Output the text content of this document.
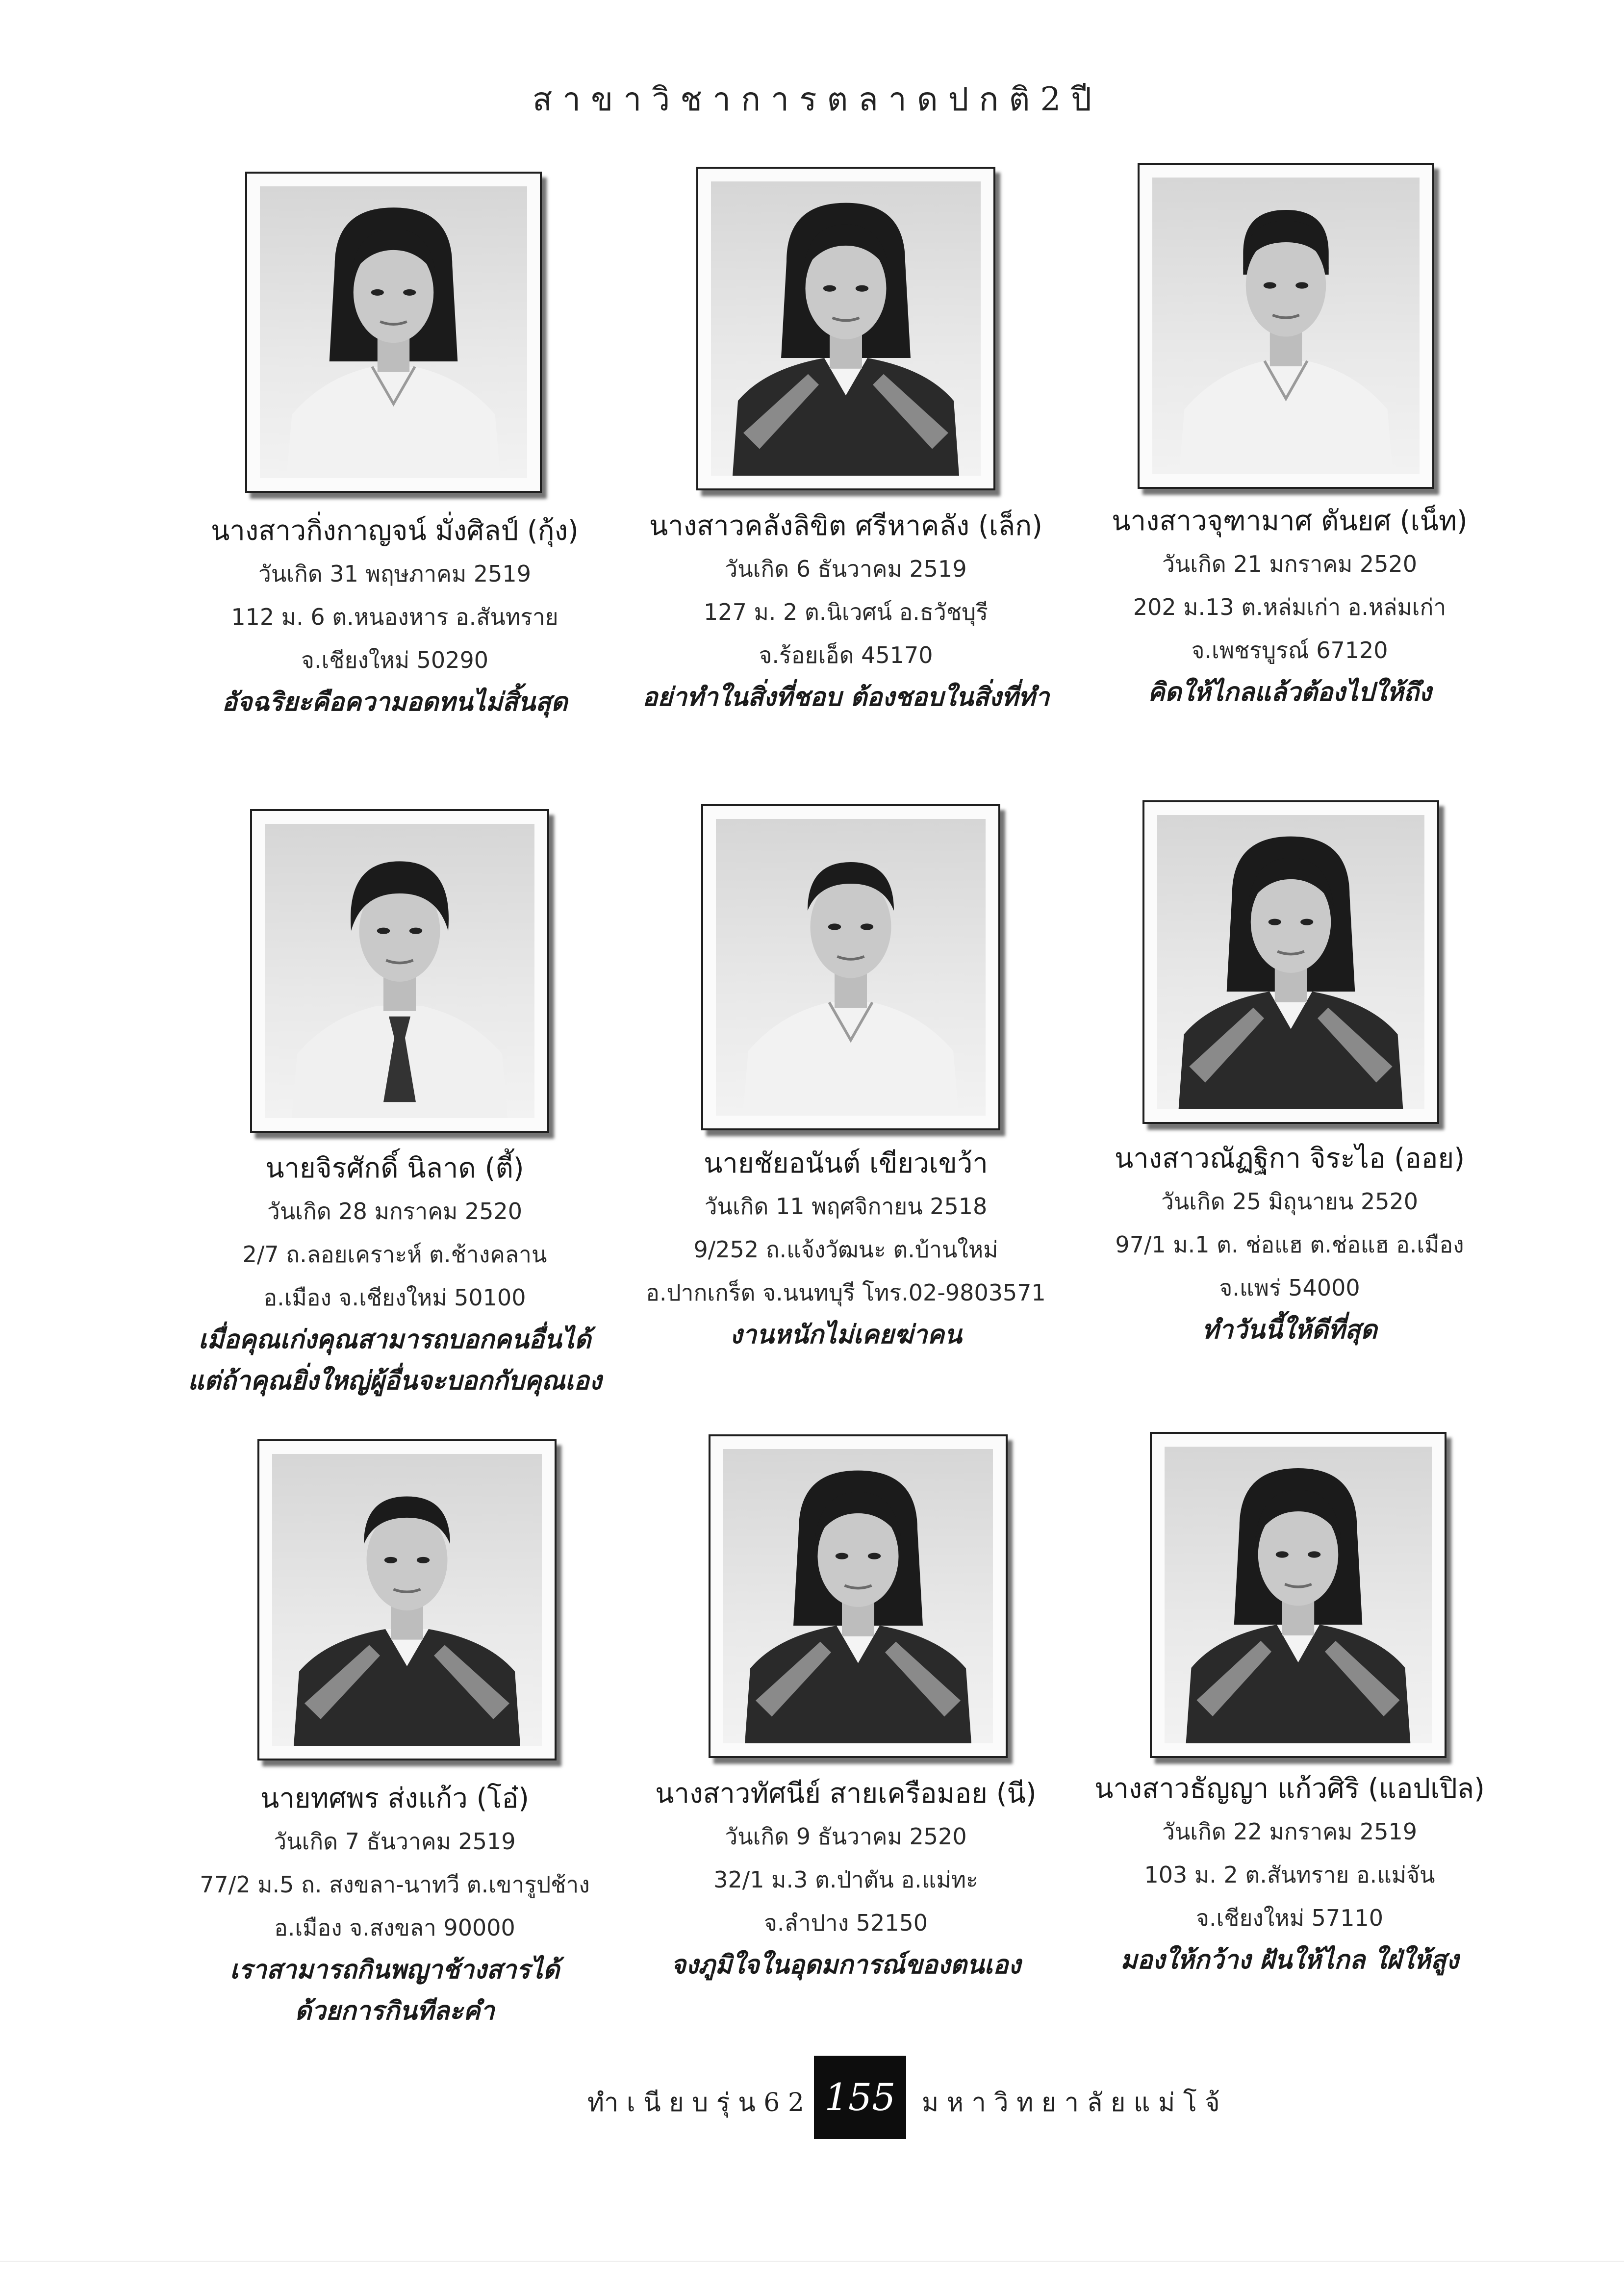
ส า ข า วิ ช า ก า ร ต ล า ด ป ก ติ 2 ปี
นางสาวกิ่งกาญจน์ มั่งศิลป์ (กุ้ง)
วันเกิด 31 พฤษภาคม 2519
112 ม. 6 ต.หนองหาร อ.สันทราย
จ.เชียงใหม่ 50290
อัจฉริยะคือความอดทนไม่สิ้นสุด
นางสาวคลังลิขิต ศรีหาคลัง (เล็ก)
วันเกิด 6 ธันวาคม 2519
127 ม. 2 ต.นิเวศน์ อ.ธวัชบุรี
จ.ร้อยเอ็ด 45170
อย่าทำในสิ่งที่ชอบ ต้องชอบในสิ่งที่ทำ
นางสาวจุฑามาศ ตันยศ (เน็ท)
วันเกิด 21 มกราคม 2520
202 ม.13 ต.หล่มเก่า อ.หล่มเก่า
จ.เพชรบูรณ์ 67120
คิดให้ไกลแล้วต้องไปให้ถึง
นายจิรศักดิ์ นิลาด (ตี้)
วันเกิด 28 มกราคม 2520
2/7 ถ.ลอยเคราะห์ ต.ช้างคลาน
อ.เมือง จ.เชียงใหม่ 50100
เมื่อคุณเก่งคุณสามารถบอกคนอื่นได้
แต่ถ้าคุณยิ่งใหญ่ผู้อื่นจะบอกกับคุณเอง
นายชัยอนันต์ เขียวเขว้า
วันเกิด 11 พฤศจิกายน 2518
9/252 ถ.แจ้งวัฒนะ ต.บ้านใหม่
อ.ปากเกร็ด จ.นนทบุรี โทร.02-9803571
งานหนักไม่เคยฆ่าคน
นางสาวณัฏฐิกา จิระไอ (ออย)
วันเกิด 25 มิถุนายน 2520
97/1 ม.1 ต. ช่อแฮ ต.ช่อแฮ อ.เมือง
จ.แพร่ 54000
ทำวันนี้ให้ดีที่สุด
นายทศพร ส่งแก้ว (โอ๋)
วันเกิด 7 ธันวาคม 2519
77/2 ม.5 ถ. สงขลา-นาทวี ต.เขารูปช้าง
อ.เมือง จ.สงขลา 90000
เราสามารถกินพญาช้างสารได้
ด้วยการกินทีละคำ
นางสาวทัศนีย์ สายเครือมอย (นี)
วันเกิด 9 ธันวาคม 2520
32/1 ม.3 ต.ป่าตัน อ.แม่ทะ
จ.ลำปาง 52150
จงภูมิใจในอุดมการณ์ของตนเอง
นางสาวธัญญา แก้วศิริ (แอปเปิล)
วันเกิด 22 มกราคม 2519
103 ม. 2 ต.สันทราย อ.แม่จัน
จ.เชียงใหม่ 57110
มองให้กว้าง ฝันให้ไกล ใฝ่ให้สูง
ทำ เ นี ย บ รุ่ น 6 2 155	ม ห า วิ ท ย า ลั ย แ ม่ โ จ้
